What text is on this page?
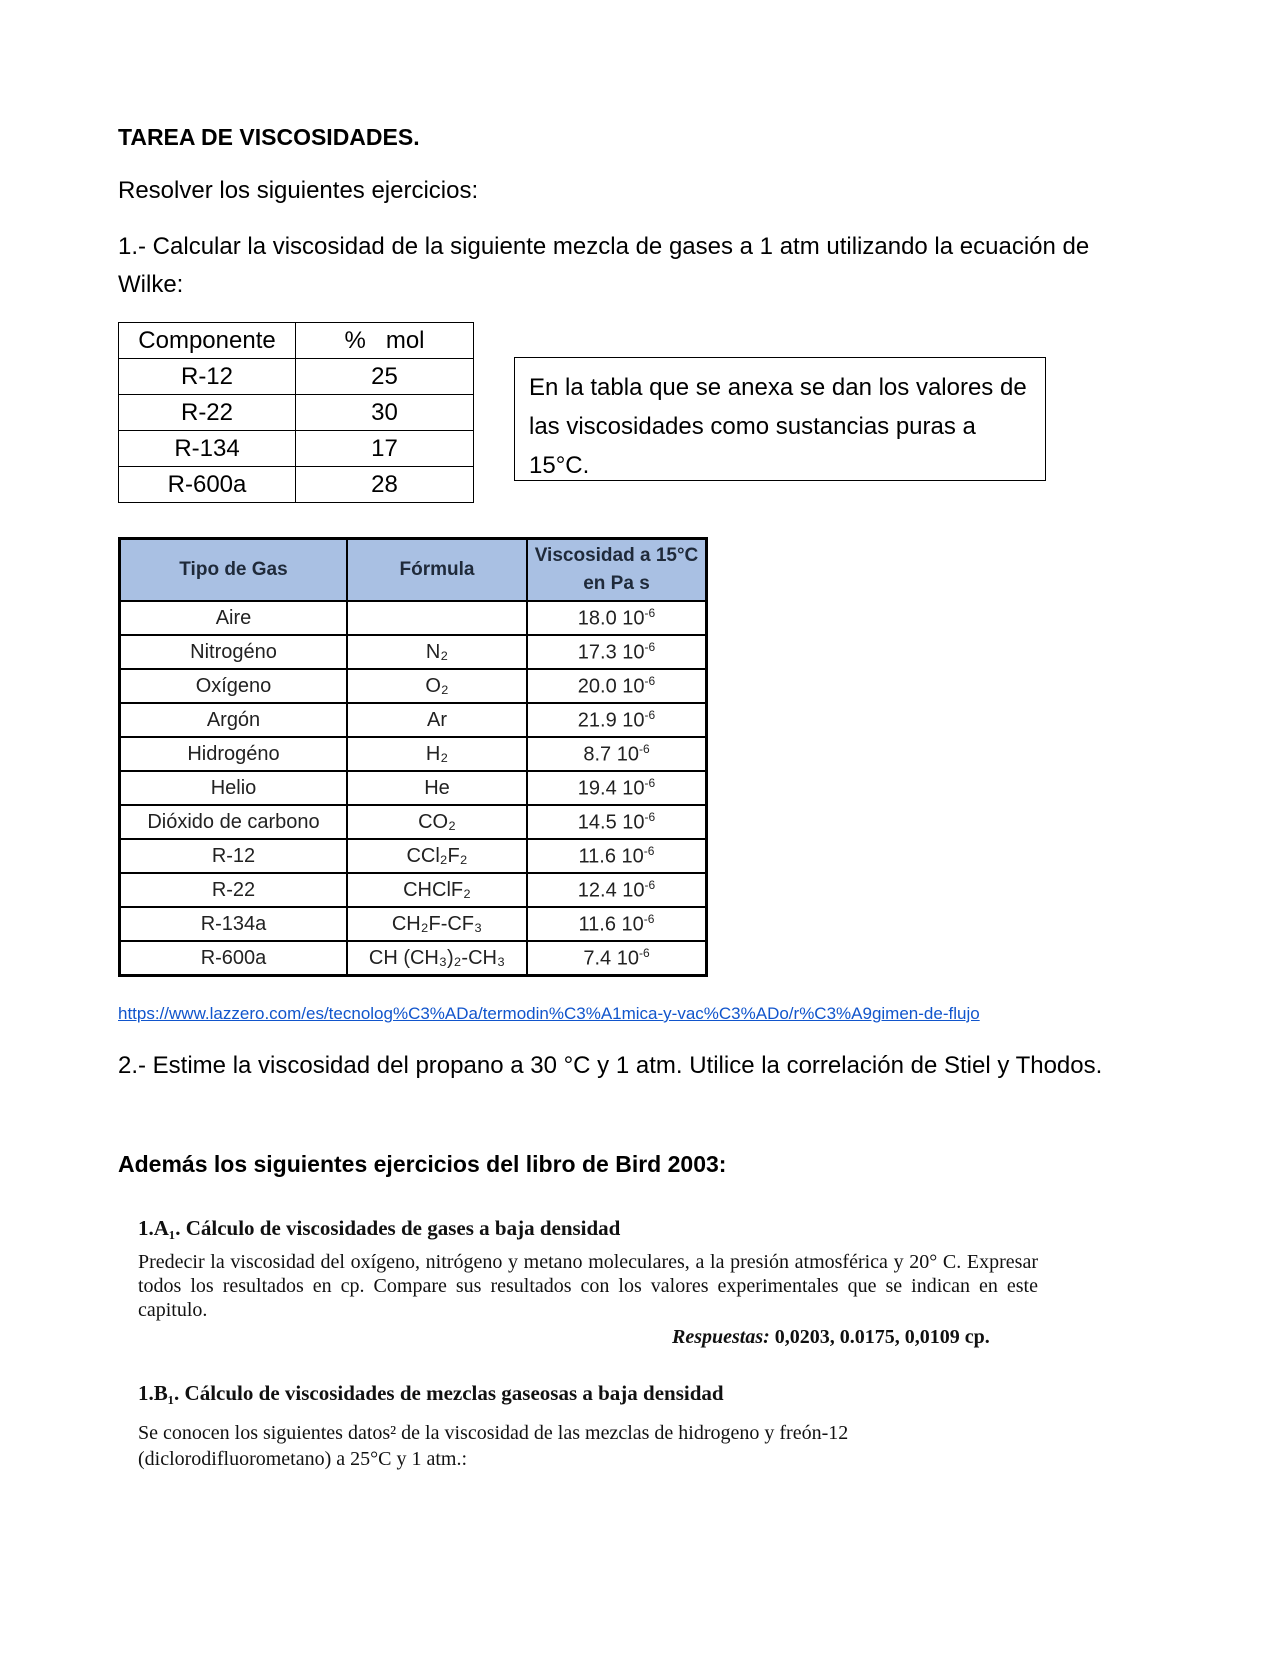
TAREA DE VISCOSIDADES.

Resolver los siguientes ejercicios:

1.- Calcular la viscosidad de la siguiente mezcla de gases a 1 atm utilizando la ecuación de Wilke:

Componente	%   mol
R-12	25
R-22	30
R-134	17
R-600a	28
En la tabla que se anexa se dan los valores de las viscosidades como sustancias puras a 15°C.
Tipo de Gas	Fórmula	Viscosidad a 15°C en Pa s
Aire		18.0 $10^{-6}$
Nitrogéno	N₂	17.3 $10^{-6}$
Oxígeno	O₂	20.0 $10^{-6}$
Argón	Ar	21.9 $10^{-6}$
Hidrogéno	H₂	8.7 $10^{-6}$
Helio	He	19.4 $10^{-6}$
Dióxido de carbono	CO₂	14.5 $10^{-6}$
R-12	CCl₂F₂	11.6 $10^{-6}$
R-22	CHClF₂	12.4 $10^{-6}$
R-134a	CH₂F-CF₃	11.6 $10^{-6}$
R-600a	CH (CH₃)₂-CH₃	7.4 $10^{-6}$
https://www.lazzero.com/es/tecnolog%C3%ADa/termodin%C3%A1mica-y-vac%C3%ADo/r%C3%A9gimen-de-flujo

2.- Estime la viscosidad del propano a 30 °C y 1 atm. Utilice la correlación de Stiel y Thodos.

Además los siguientes ejercicios del libro de Bird 2003:

1.A₁. Cálculo de viscosidades de gases a baja densidad
Predecir la viscosidad del oxígeno, nitrógeno y metano moleculares, a la presión atmosférica y 20° C. Expresar todos los resultados en cp. Compare sus resultados con los valores experimentales que se indican en este capitulo.
Respuestas: 0,0203, 0.0175, 0,0109 cp.
1.B₁. Cálculo de viscosidades de mezclas gaseosas a baja densidad
Se conocen los siguientes datos² de la viscosidad de las mezclas de hidrogeno y freón-12 (diclorodifluorometano) a 25°C y 1 atm.:
